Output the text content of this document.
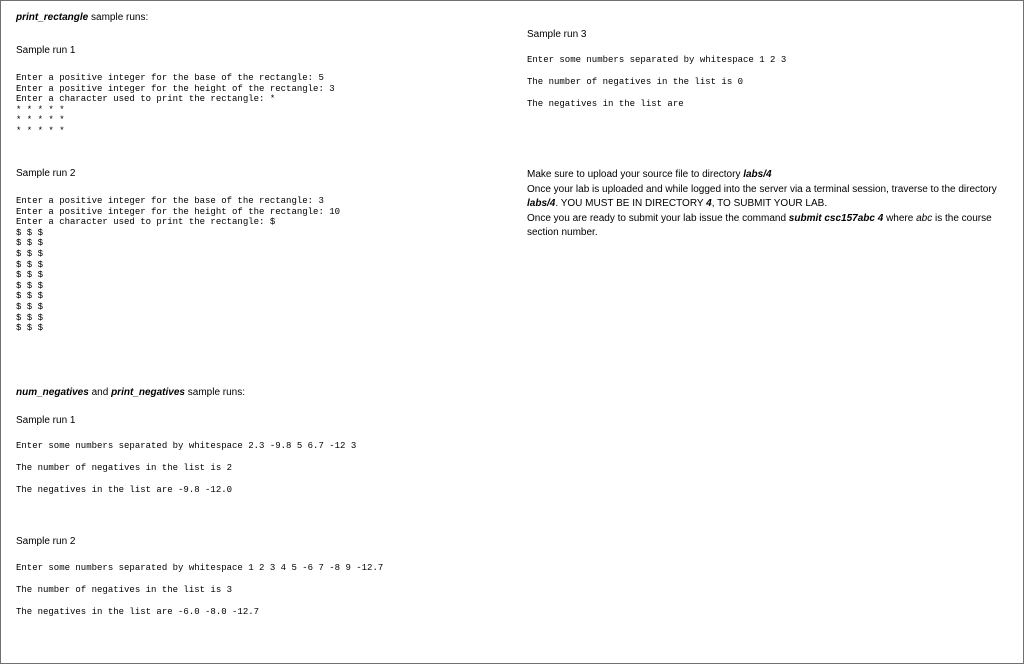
print_rectangle sample runs:
Sample run 1
Enter a positive integer for the base of the rectangle: 5
Enter a positive integer for the height of the rectangle: 3
Enter a character used to print the rectangle: *
* * * * *
* * * * *
* * * * *
Sample run 2
Enter a positive integer for the base of the rectangle: 3
Enter a positive integer for the height of the rectangle: 10
Enter a character used to print the rectangle: $
$ $ $
$ $ $
$ $ $
$ $ $
$ $ $
$ $ $
$ $ $
$ $ $
$ $ $
$ $ $
num_negatives and print_negatives sample runs:
Sample run 1
Enter some numbers separated by whitespace 2.3 -9.8 5 6.7 -12 3
The number of negatives in the list is 2
The negatives in the list are -9.8 -12.0
Sample run 2
Enter some numbers separated by whitespace 1 2 3 4 5 -6 7 -8 9 -12.7
The number of negatives in the list is 3
The negatives in the list are -6.0 -8.0 -12.7
Sample run 3
Enter some numbers separated by whitespace 1 2 3
The number of negatives in the list is 0
The negatives in the list are

Make sure to upload your source file to directory labs/4

Once your lab is uploaded and while logged into the server via a terminal session, traverse to the directory labs/4. YOU MUST BE IN DIRECTORY 4, TO SUBMIT YOUR LAB.

Once you are ready to submit your lab issue the command submit csc157abc 4 where abc is the course section number.
